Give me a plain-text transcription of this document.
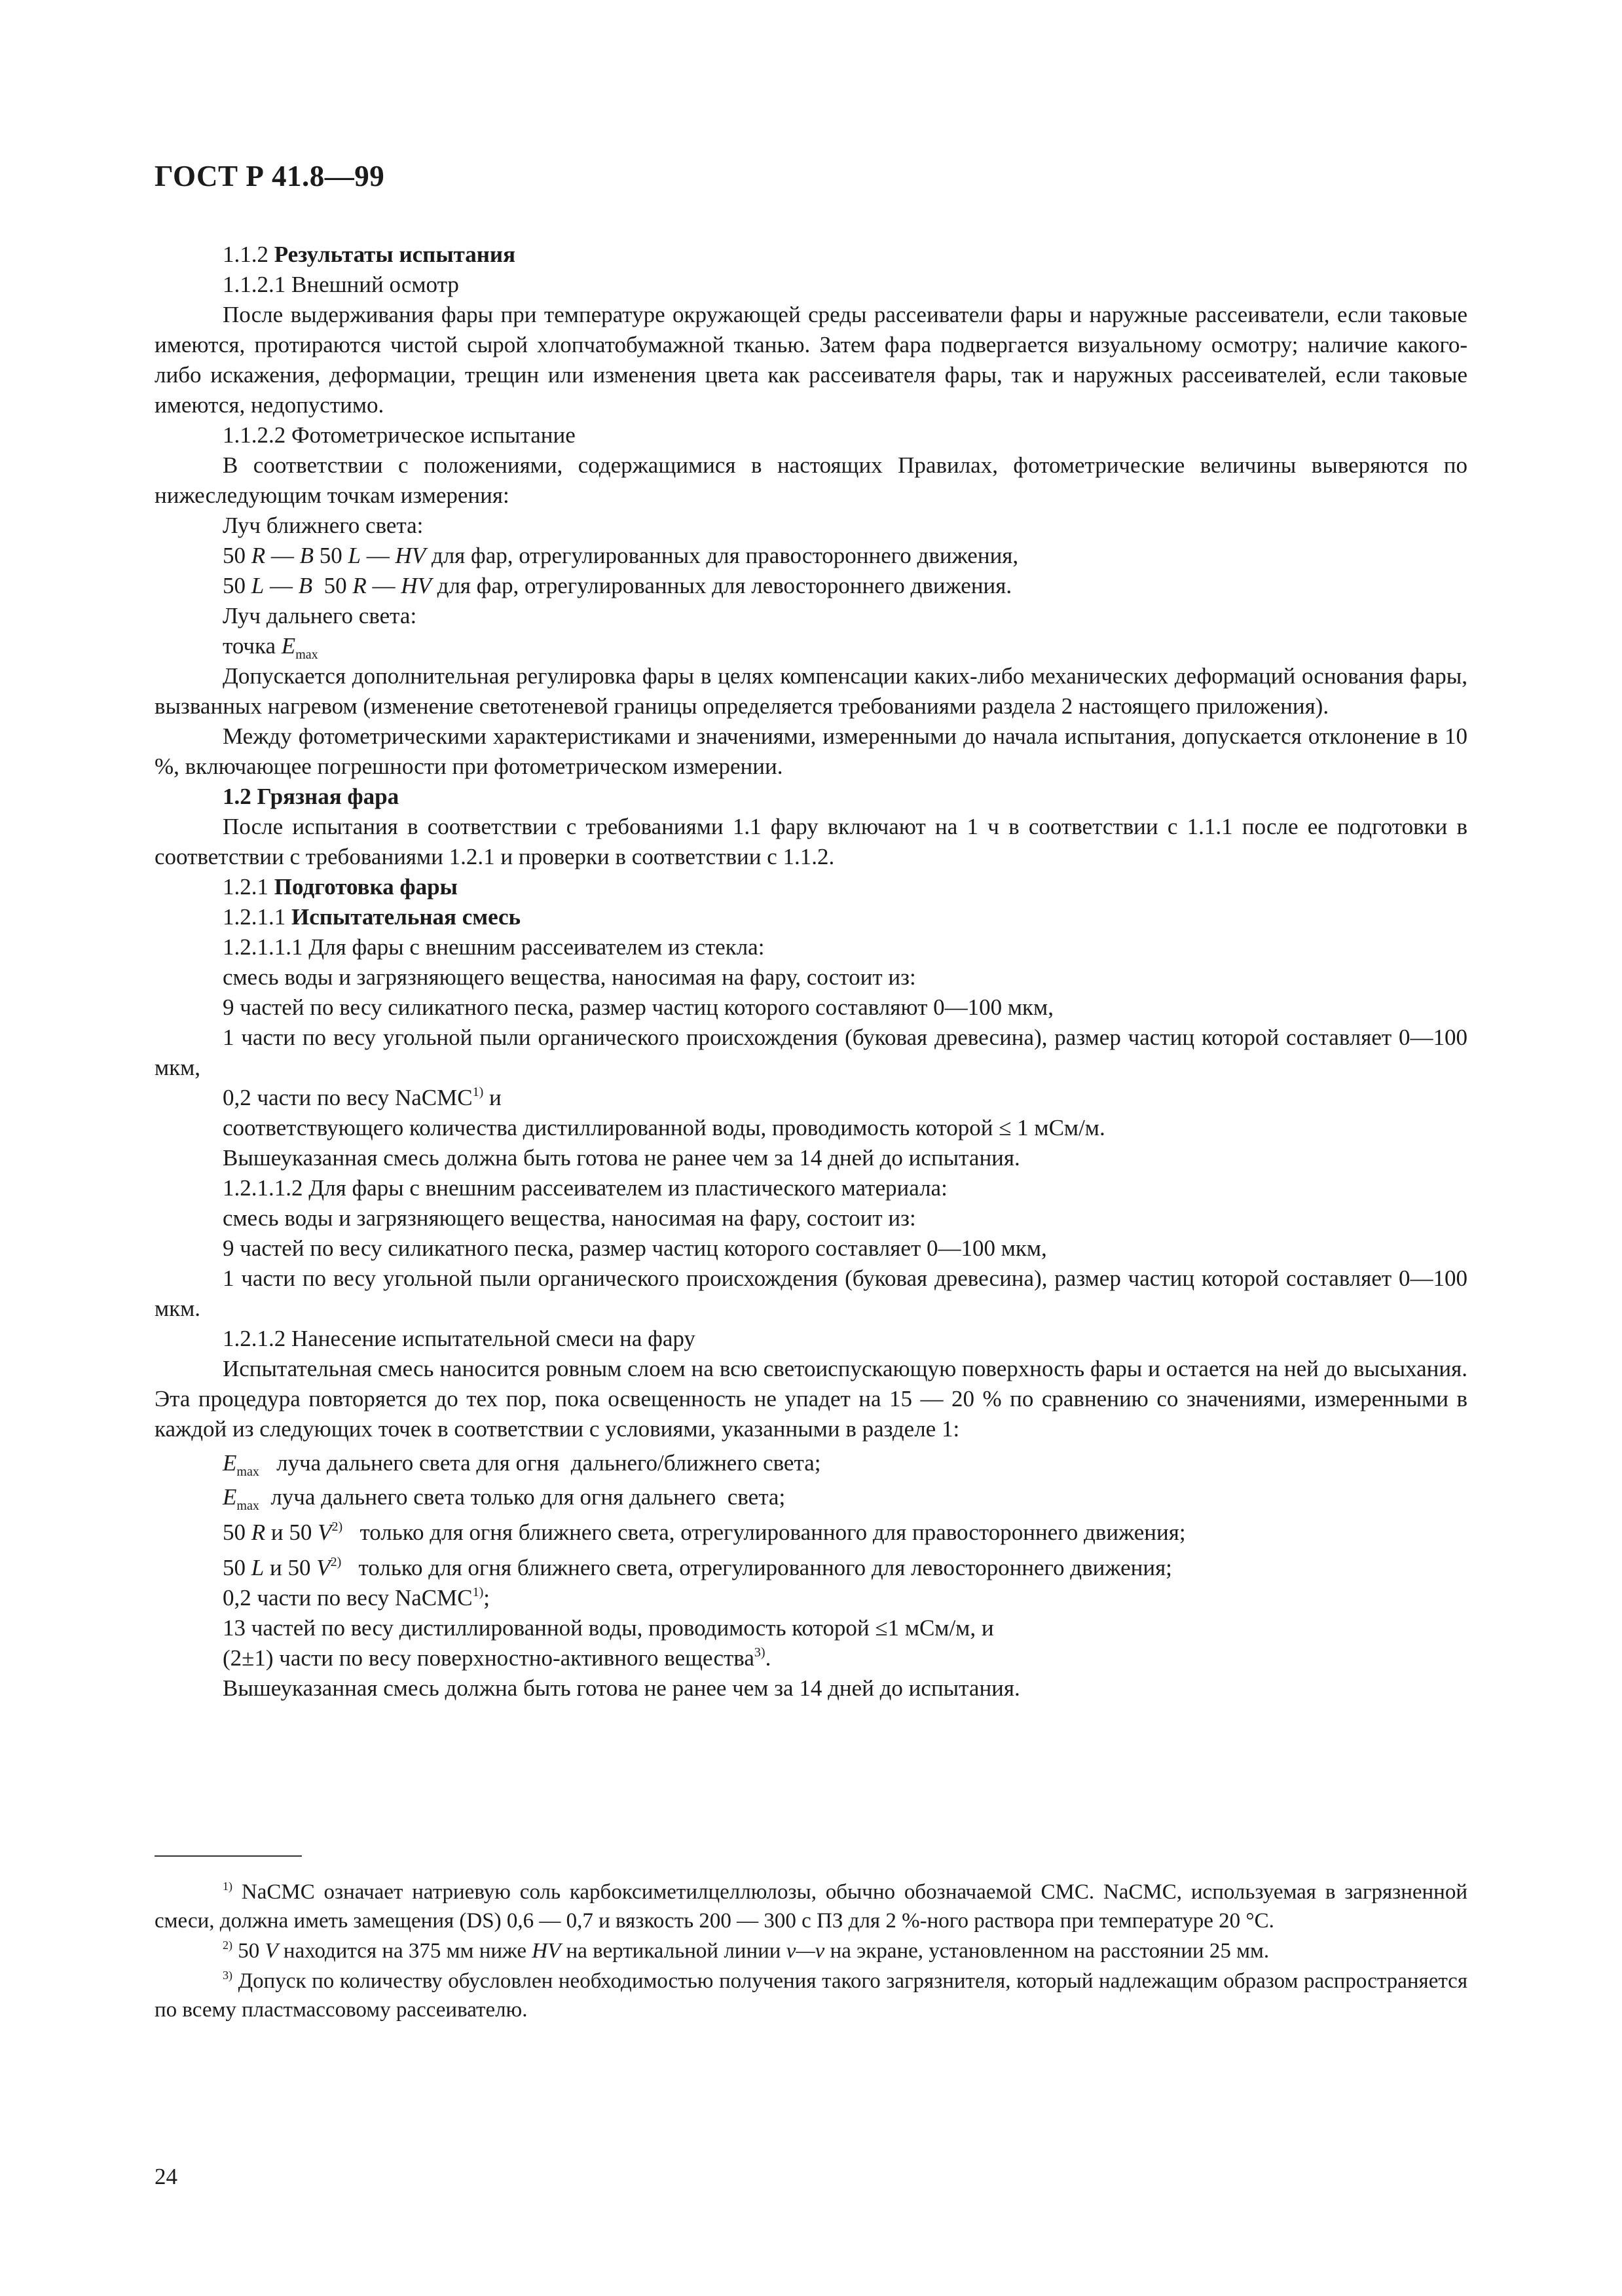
ГОСТ Р 41.8—99

1.1.2 Результаты испытания

1.1.2.1 Внешний осмотр

После выдерживания фары при температуре окружающей среды рассеиватели фары и наружные рассеиватели, если таковые имеются, протираются чистой сырой хлопчатобумажной тканью. Затем фара подвергается визуальному осмотру; наличие какого-либо искажения, деформации, трещин или изменения цвета как рассеивателя фары, так и наружных рассеивателей, если таковые имеются, недопустимо.

1.1.2.2 Фотометрическое испытание

В соответствии с положениями, содержащимися в настоящих Правилах, фотометрические величины выверяются по нижеследующим точкам измерения:

Луч ближнего света:

50 R — B 50 L — HV для фар, отрегулированных для правостороннего движения,

50 L — B 50 R — HV для фар, отрегулированных для левостороннего движения.

Луч дальнего света:

точка $E_{max}$

Допускается дополнительная регулировка фары в целях компенсации каких-либо механических деформаций основания фары, вызванных нагревом (изменение светотеневой границы определяется требованиями раздела 2 настоящего приложения).

Между фотометрическими характеристиками и значениями, измеренными до начала испытания, допускается отклонение в 10 %, включающее погрешности при фотометрическом измерении.

1.2 Грязная фара

После испытания в соответствии с требованиями 1.1 фару включают на 1 ч в соответствии с 1.1.1 после ее подготовки в соответствии с требованиями 1.2.1 и проверки в соответствии с 1.1.2.

1.2.1 Подготовка фары

1.2.1.1 Испытательная смесь

1.2.1.1.1 Для фары с внешним рассеивателем из стекла:

смесь воды и загрязняющего вещества, наносимая на фару, состоит из:

9 частей по весу силикатного песка, размер частиц которого составляют 0—100 мкм,

1 части по весу угольной пыли органического происхождения (буковая древесина), размер частиц которой составляет 0—100 мкм,

0,2 части по весу NaCMC$^{1)}$ и

соответствующего количества дистиллированной воды, проводимость которой ≤ 1 мСм/м.

Вышеуказанная смесь должна быть готова не ранее чем за 14 дней до испытания.

1.2.1.1.2 Для фары с внешним рассеивателем из пластического материала:

смесь воды и загрязняющего вещества, наносимая на фару, состоит из:

9 частей по весу силикатного песка, размер частиц которого составляет 0—100 мкм,

1 части по весу угольной пыли органического происхождения (буковая древесина), размер частиц которой составляет 0—100 мкм.

1.2.1.2 Нанесение испытательной смеси на фару

Испытательная смесь наносится ровным слоем на всю светоиспускающую поверхность фары и остается на ней до высыхания. Эта процедура повторяется до тех пор, пока освещенность не упадет на 15 — 20 % по сравнению со значениями, измеренными в каждой из следующих точек в соответствии с условиями, указанными в разделе 1:

$E_{max}$ луча дальнего света для огня  дальнего/ближнего света;

$E_{max}$ луча дальнего света только для огня дальнего  света;

50 R и 50 $V^{2)}$ только для огня ближнего света, отрегулированного для правостороннего движения;

50 L и 50 $V^{2)}$ только для огня ближнего света, отрегулированного для левостороннего движения;

0,2 части по весу NaCMC$^{1)}$;

13 частей по весу дистиллированной воды, проводимость которой ≤1 мСм/м, и

(2±1) части по весу поверхностно-активного вещества$^{3)}$.

Вышеуказанная смесь должна быть готова не ранее чем за 14 дней до испытания.

$^{1)}$ NaCMC означает натриевую соль карбоксиметилцеллюлозы, обычно обозначаемой СМС. NaCMC, используемая в загрязненной смеси, должна иметь замещения (DS) 0,6 — 0,7 и вязкость 200 — 300 с ПЗ для 2 %-ного раствора при температуре 20 °С.

$^{2)}$ 50 V находится на 375 мм ниже HV на вертикальной линии v—v на экране, установленном на расстоянии 25 мм.

$^{3)}$ Допуск по количеству обусловлен необходимостью получения такого загрязнителя, который надлежащим образом распространяется по всему пластмассовому рассеивателю.

24
